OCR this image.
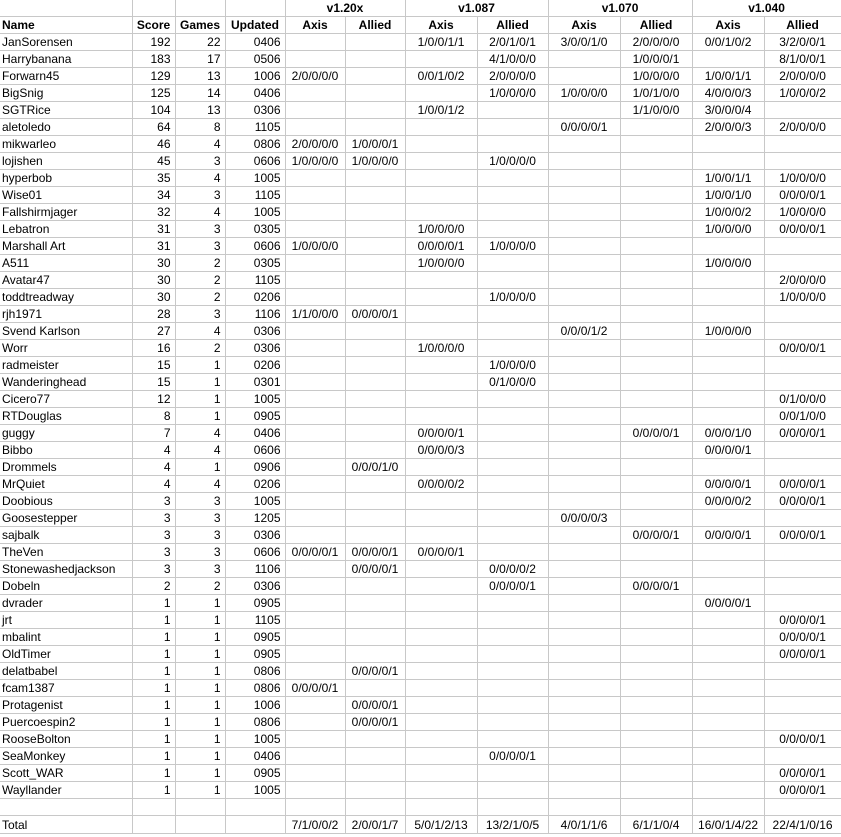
				v1.20x		v1.087		v1.070		v1.040	
Name	Score	Games	Updated	Axis	Allied	Axis	Allied	Axis	Allied	Axis	Allied
JanSorensen	192	22	0406			1/0/0/1/1	2/0/1/0/1	3/0/0/1/0	2/0/0/0/0	0/0/1/0/2	3/2/0/0/1
Harrybanana	183	17	0506				4/1/0/0/0		1/0/0/0/1		8/1/0/0/1
Forwarn45	129	13	1006	2/0/0/0/0		0/0/1/0/2	2/0/0/0/0		1/0/0/0/0	1/0/0/1/1	2/0/0/0/0
BigSnig	125	14	0406				1/0/0/0/0	1/0/0/0/0	1/0/1/0/0	4/0/0/0/3	1/0/0/0/2
SGTRice	104	13	0306			1/0/0/1/2			1/1/0/0/0	3/0/0/0/4	
aletoledo	64	8	1105					0/0/0/0/1		2/0/0/0/3	2/0/0/0/0
mikwarleo	46	4	0806	2/0/0/0/0	1/0/0/0/1						
lojishen	45	3	0606	1/0/0/0/0	1/0/0/0/0		1/0/0/0/0				
hyperbob	35	4	1005							1/0/0/1/1	1/0/0/0/0
Wise01	34	3	1105							1/0/0/1/0	0/0/0/0/1
Fallshirmjager	32	4	1005							1/0/0/0/2	1/0/0/0/0
Lebatron	31	3	0305			1/0/0/0/0				1/0/0/0/0	0/0/0/0/1
Marshall Art	31	3	0606	1/0/0/0/0		0/0/0/0/1	1/0/0/0/0				
A511	30	2	0305			1/0/0/0/0				1/0/0/0/0	
Avatar47	30	2	1105								2/0/0/0/0
toddtreadway	30	2	0206				1/0/0/0/0				1/0/0/0/0
rjh1971	28	3	1106	1/1/0/0/0	0/0/0/0/1						
Svend Karlson	27	4	0306					0/0/0/1/2		1/0/0/0/0	
Worr	16	2	0306			1/0/0/0/0					0/0/0/0/1
radmeister	15	1	0206				1/0/0/0/0				
Wanderinghead	15	1	0301				0/1/0/0/0				
Cicero77	12	1	1005								0/1/0/0/0
RTDouglas	8	1	0905								0/0/1/0/0
guggy	7	4	0406			0/0/0/0/1			0/0/0/0/1	0/0/0/1/0	0/0/0/0/1
Bibbo	4	4	0606			0/0/0/0/3				0/0/0/0/1	
Drommels	4	1	0906		0/0/0/1/0						
MrQuiet	4	4	0206			0/0/0/0/2				0/0/0/0/1	0/0/0/0/1
Doobious	3	3	1005							0/0/0/0/2	0/0/0/0/1
Goosestepper	3	3	1205					0/0/0/0/3			
sajbalk	3	3	0306						0/0/0/0/1	0/0/0/0/1	0/0/0/0/1
TheVen	3	3	0606	0/0/0/0/1	0/0/0/0/1	0/0/0/0/1					
Stonewashedjackson	3	3	1106		0/0/0/0/1		0/0/0/0/2				
Dobeln	2	2	0306				0/0/0/0/1		0/0/0/0/1		
dvrader	1	1	0905							0/0/0/0/1	
jrt	1	1	1105								0/0/0/0/1
mbalint	1	1	0905								0/0/0/0/1
OldTimer	1	1	0905								0/0/0/0/1
delatbabel	1	1	0806		0/0/0/0/1						
fcam1387	1	1	0806	0/0/0/0/1							
Protagenist	1	1	1006		0/0/0/0/1						
Puercoespin2	1	1	0806		0/0/0/0/1						
RooseBolton	1	1	1005								0/0/0/0/1
SeaMonkey	1	1	0406				0/0/0/0/1				
Scott_WAR	1	1	0905								0/0/0/0/1
Wayllander	1	1	1005								0/0/0/0/1

Total				7/1/0/0/2	2/0/0/1/7	5/0/1/2/13	13/2/1/0/5	4/0/1/1/6	6/1/1/0/4	16/0/1/4/22	22/4/1/0/16
